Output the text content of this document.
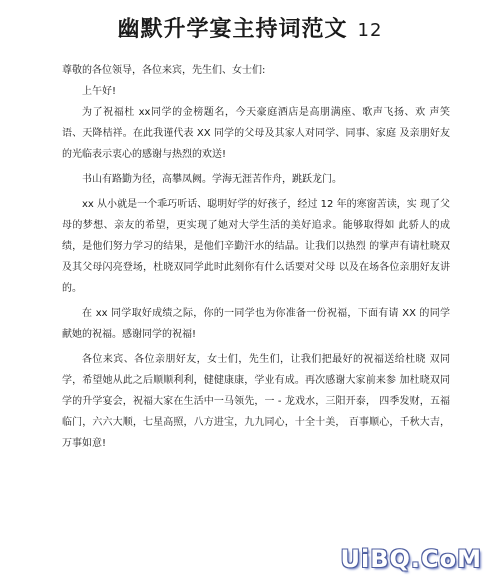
幽默升学宴主持词范文 12

尊敬的各位领导，各位来宾，先生们、女士们:

上午好!

为了祝福杜 xx同学的金榜题名，今天豪庭酒店是高朋满座、歌声飞扬、欢 声笑语、天降桔祥。在此我谨代表 XX 同学的父母及其家人对同学、同事、家庭 及亲朋好友的光临表示衷心的感谢与热烈的欢送!

书山有路勤为径，高攀凤阙。学海无涯苦作舟，跳跃龙门。

xx 从小就是一个乖巧听话、聪明好学的好孩子，经过 12 年的寒窗苦读，实 现了父母的梦想、亲友的希望，更实现了她对大学生活的美好追求。能够取得如 此骄人的成绩，是他们努力学习的结果，是他们辛勤汗水的结晶。让我们以热烈 的掌声有请杜晓双及其父母闪亮登场，杜晓双同学此时此刻你有什么话要对父母 以及在场各位亲朋好友讲的。

在 xx 同学取好成绩之际，你的一同学也为你准备一份祝福，下面有请 XX 的同学献她的祝福。感谢同学的祝福!

各位来宾、各位亲朋好友，女士们，先生们，让我们把最好的祝福送给杜晓 双同学，希望她从此之后顺顺利利，健健康康，学业有成。再次感谢大家前来参 加杜晓双同学的升学宴会，祝福大家在生活中一马领先，一 - 龙戏水，三阳开泰， 四季发财，五福临门，六六大顺，七星高照，八方进宝，九九同心，十全十美， 百事顺心，千秋大吉，万事如意!

UiBQ.CoM
